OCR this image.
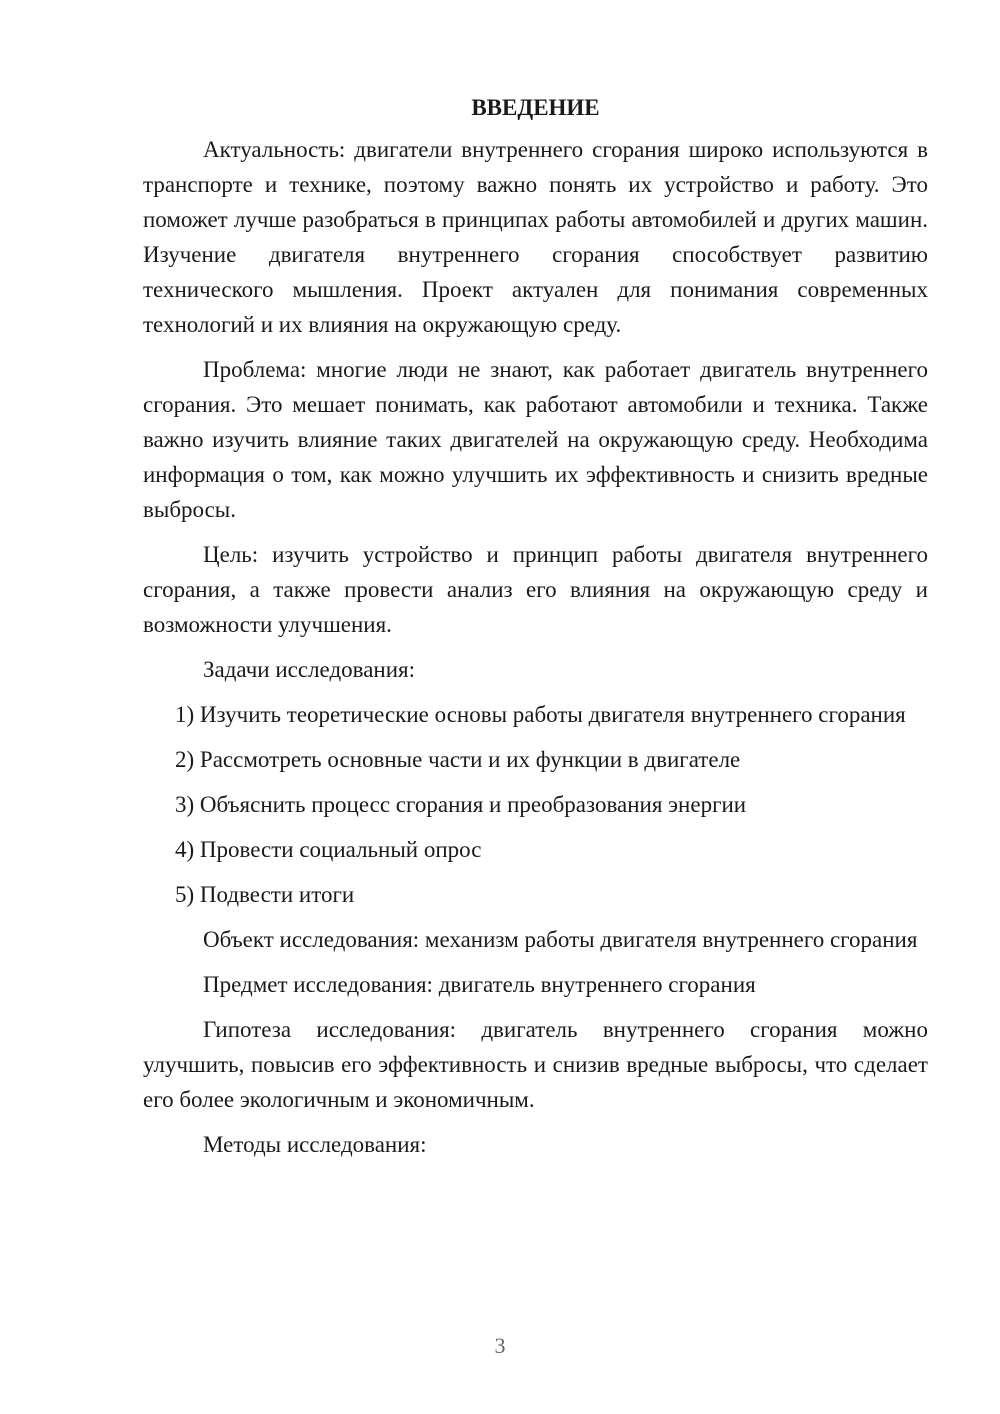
ВВЕДЕНИЕ

Актуальность: двигатели внутреннего сгорания широко используются в транспорте и технике, поэтому важно понять их устройство и работу. Это поможет лучше разобраться в принципах работы автомобилей и других машин. Изучение двигателя внутреннего сгорания способствует развитию технического мышления. Проект актуален для понимания современных технологий и их влияния на окружающую среду.

Проблема: многие люди не знают, как работает двигатель внутреннего сгорания. Это мешает понимать, как работают автомобили и техника. Также важно изучить влияние таких двигателей на окружающую среду. Необходима информация о том, как можно улучшить их эффективность и снизить вредные выбросы.

Цель: изучить устройство и принцип работы двигателя внутреннего сгорания, а также провести анализ его влияния на окружающую среду и возможности улучшения.

Задачи исследования:

1) Изучить теоретические основы работы двигателя внутреннего сгорания

2) Рассмотреть основные части и их функции в двигателе

3) Объяснить процесс сгорания и преобразования энергии

4) Провести социальный опрос

5) Подвести итоги

Объект исследования: механизм работы двигателя внутреннего сгорания

Предмет исследования: двигатель внутреннего сгорания

Гипотеза исследования: двигатель внутреннего сгорания можно улучшить, повысив его эффективность и снизив вредные выбросы, что сделает его более экологичным и экономичным.

Методы исследования:

3
